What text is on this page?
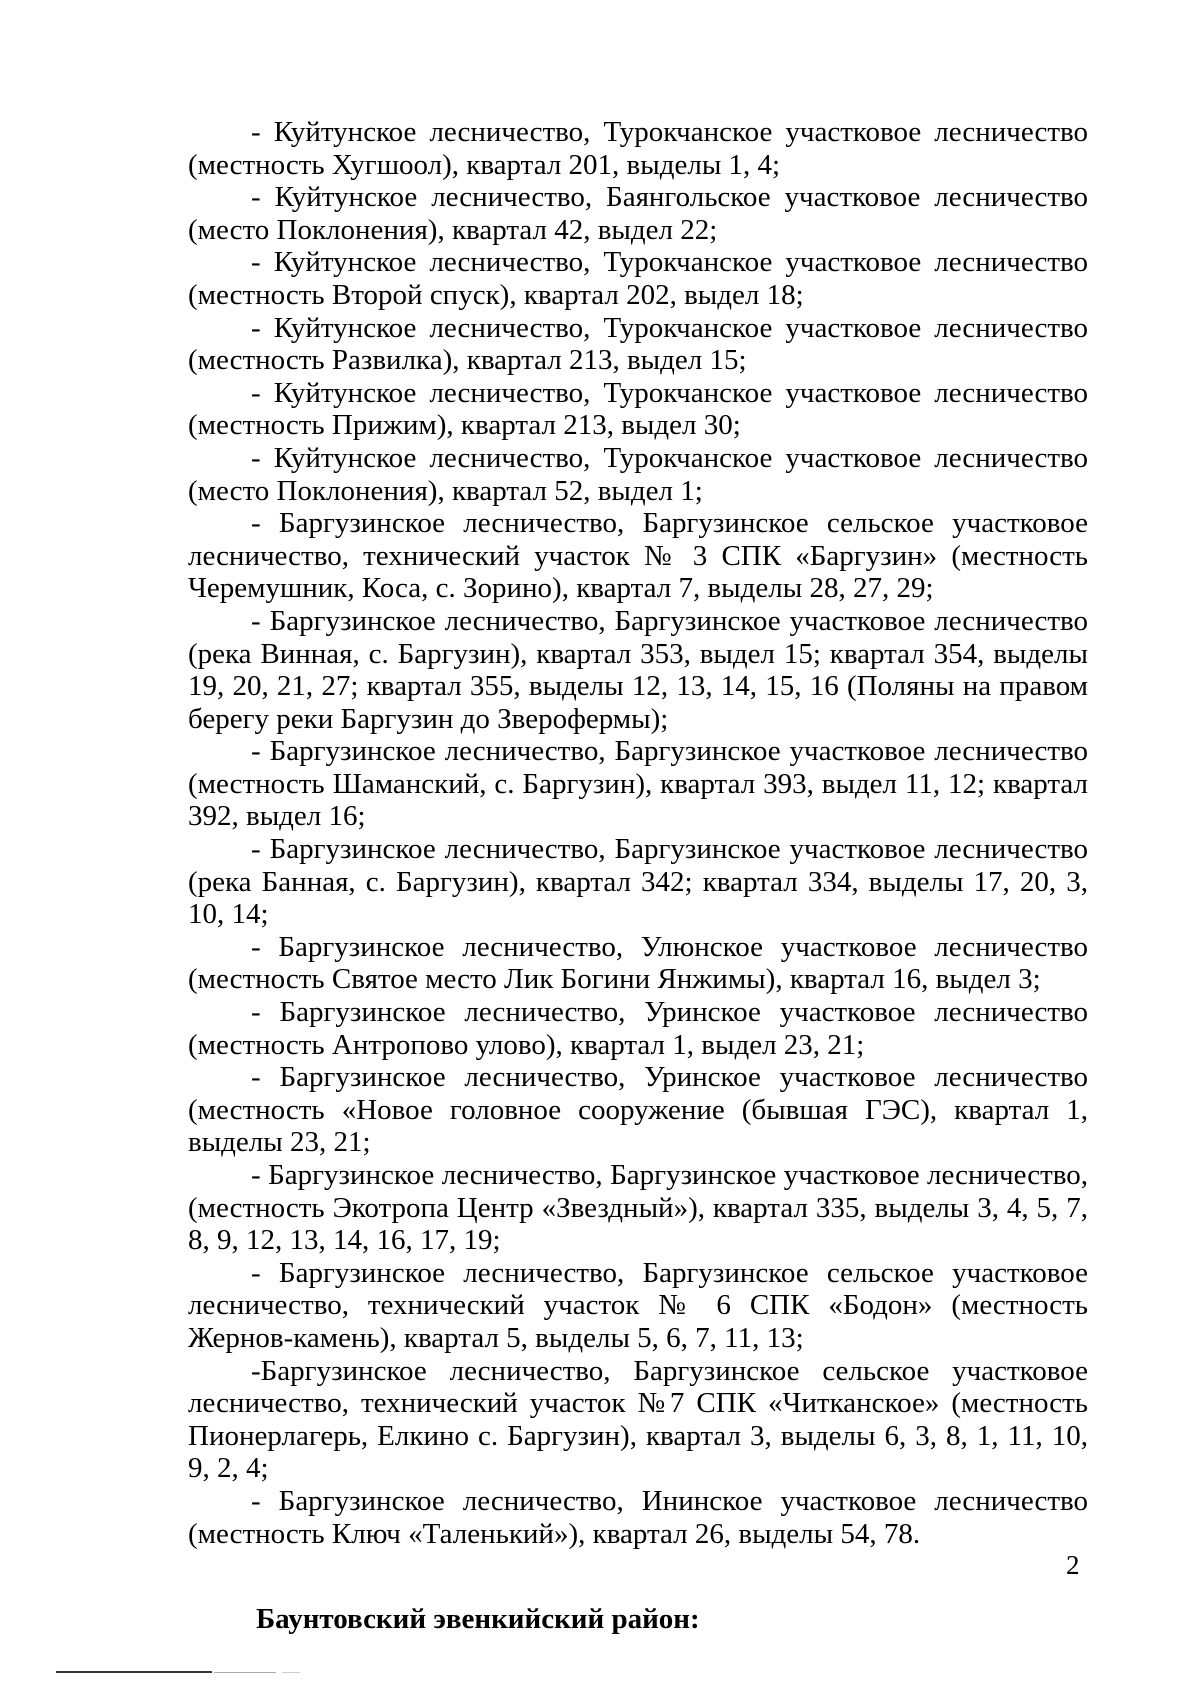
- Куйтунское лесничество, Турокчанское участковое лесничество (местность Хугшоол), квартал 201, выделы 1, 4;

- Куйтунское лесничество, Баянгольское участковое лесничество (место Поклонения), квартал 42, выдел 22;

- Куйтунское лесничество, Турокчанское участковое лесничество (местность Второй спуск), квартал 202, выдел 18;

- Куйтунское лесничество, Турокчанское участковое лесничество (местность Развилка), квартал 213, выдел 15;

- Куйтунское лесничество, Турокчанское участковое лесничество (местность Прижим), квартал 213, выдел 30;

- Куйтунское лесничество, Турокчанское участковое лесничество (место Поклонения), квартал 52, выдел 1;

- Баргузинское лесничество, Баргузинское сельское участковое лесничество, технический участок № 3 СПК «Баргузин» (местность Черемушник, Коса, с. Зорино), квартал 7, выделы 28, 27, 29;

- Баргузинское лесничество, Баргузинское участковое лесничество (река Винная, с. Баргузин), квартал 353, выдел 15; квартал 354, выделы 19, 20, 21, 27; квартал 355, выделы 12, 13, 14, 15, 16 (Поляны на правом берегу реки Баргузин до Зверофермы);

- Баргузинское лесничество, Баргузинское участковое лесничество (местность Шаманский, с. Баргузин), квартал 393, выдел 11, 12; квартал 392, выдел 16;

- Баргузинское лесничество, Баргузинское участковое лесничество (река Банная, с. Баргузин), квартал 342; квартал 334, выделы 17, 20, 3, 10, 14;

- Баргузинское лесничество, Улюнское участковое лесничество (местность Святое место Лик Богини Янжимы), квартал 16, выдел 3;

- Баргузинское лесничество, Уринское участковое лесничество (местность Антропово улово), квартал 1, выдел 23, 21;

- Баргузинское лесничество, Уринское участковое лесничество (местность «Новое головное сооружение (бывшая ГЭС), квартал 1, выделы 23, 21;

- Баргузинское лесничество, Баргузинское участковое лесничество, (местность Экотропа Центр «Звездный»), квартал 335, выделы 3, 4, 5, 7, 8, 9, 12, 13, 14, 16, 17, 19;

- Баргузинское лесничество, Баргузинское сельское участковое лесничество, технический участок № 6 СПК «Бодон» (местность Жернов-камень), квартал 5, выделы 5, 6, 7, 11, 13;

-Баргузинское лесничество, Баргузинское сельское участковое лесничество, технический участок №7 СПК «Читканское» (местность Пионерлагерь, Елкино с. Баргузин), квартал 3, выделы 6, 3, 8, 1, 11, 10, 9, 2, 4;

- Баргузинское лесничество, Ининское участковое лесничество (местность Ключ «Таленький»), квартал 26, выделы 54, 78.

Баунтовский эвенкийский район:

2
